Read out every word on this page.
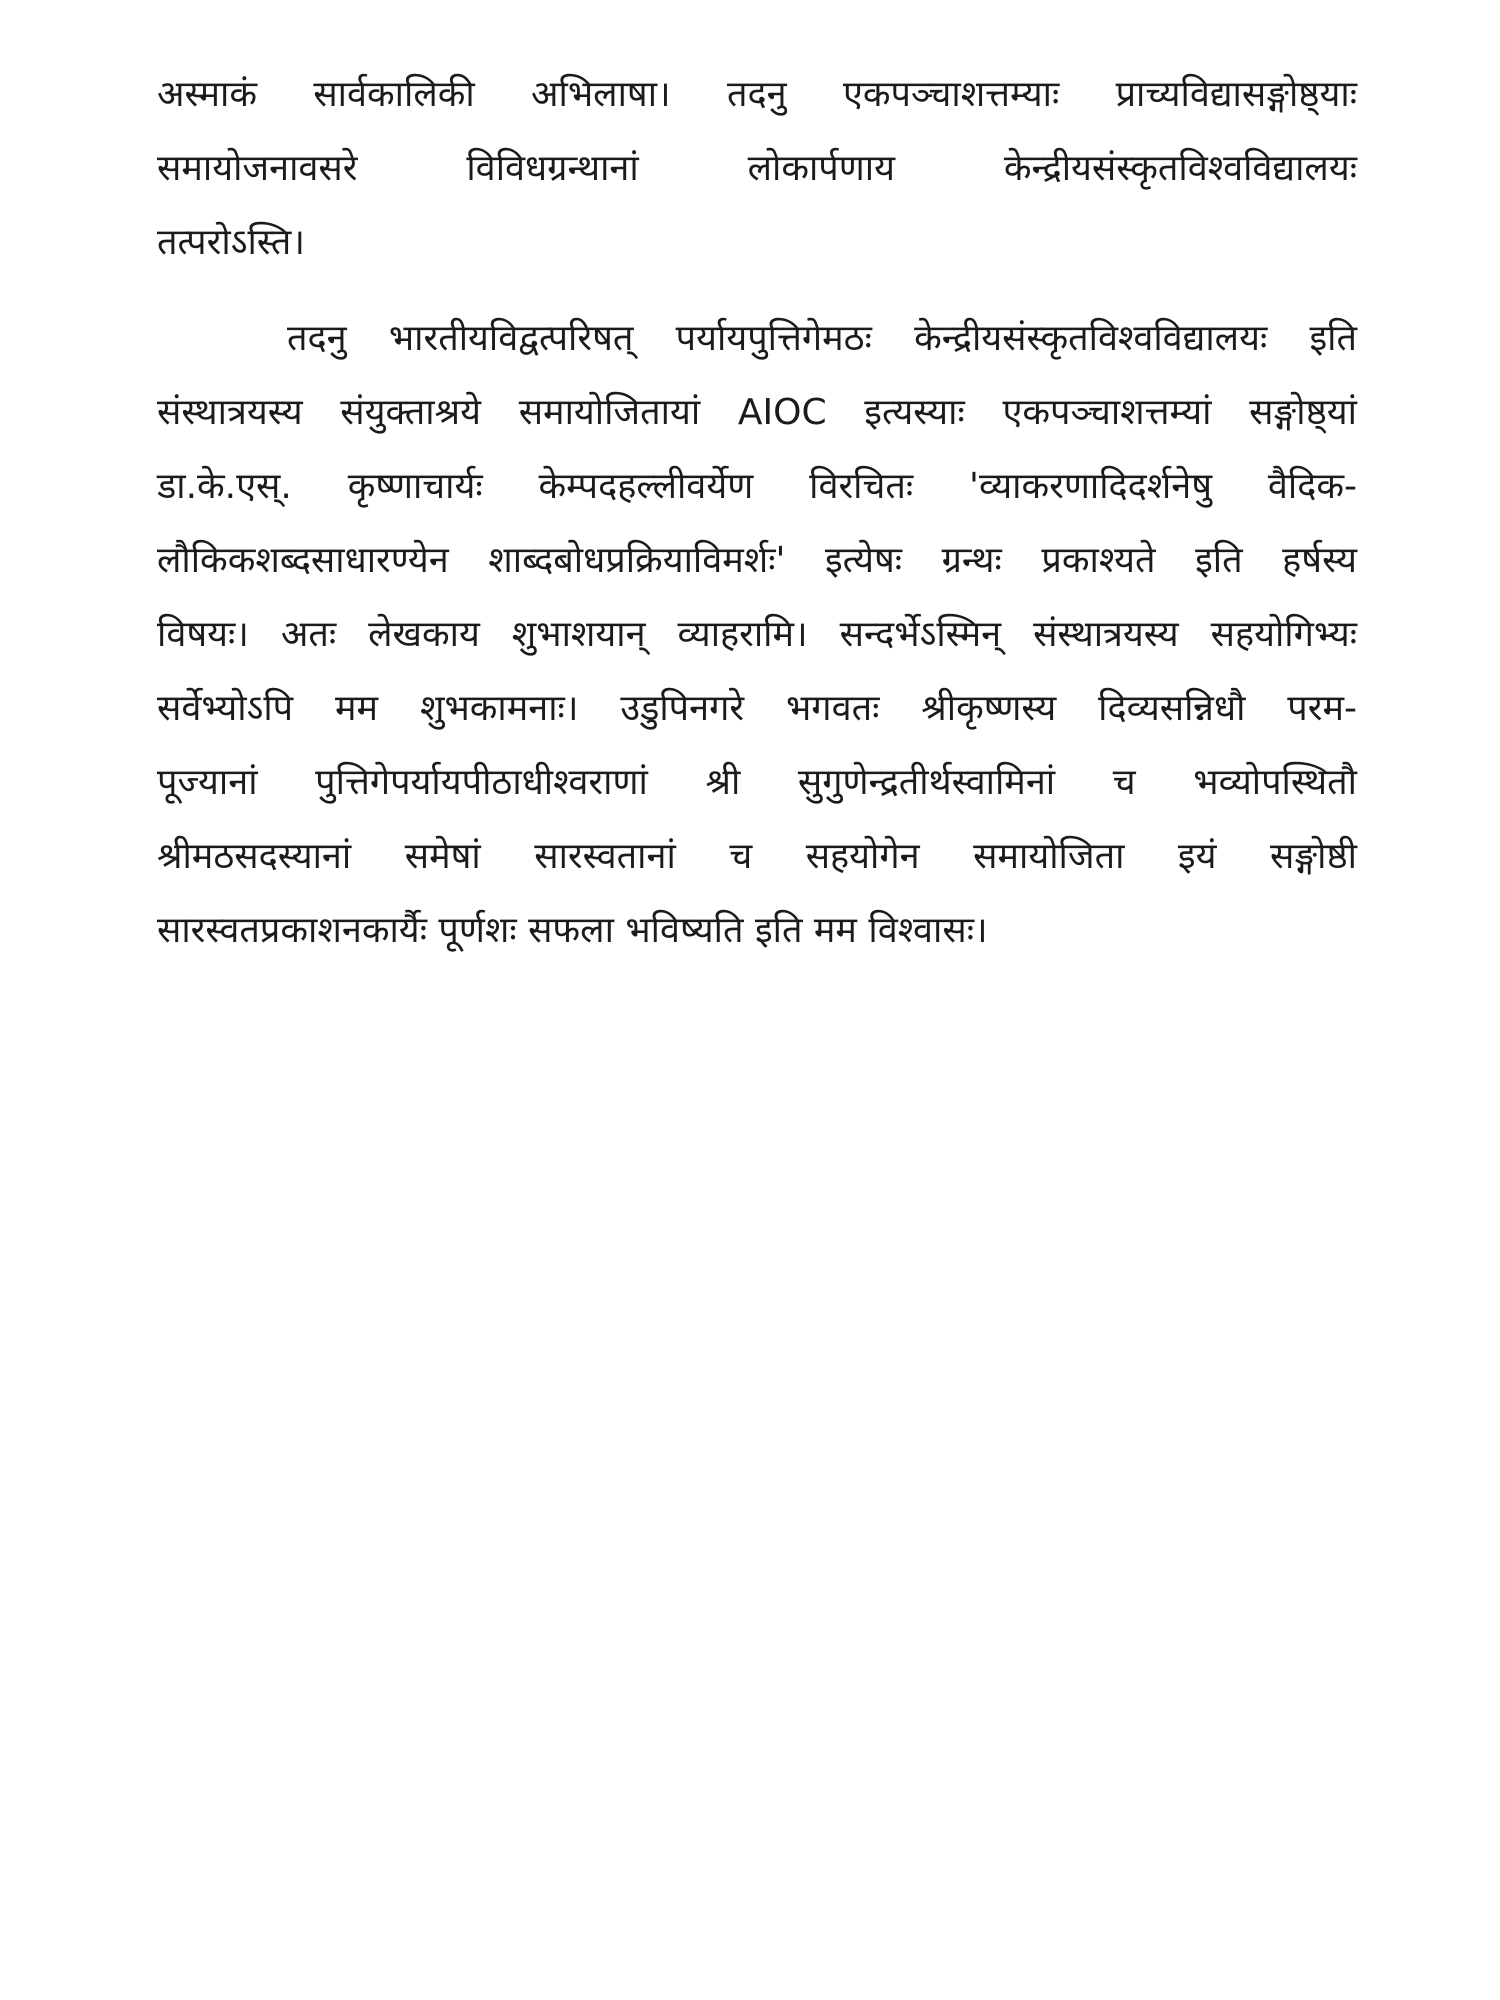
अस्माकं सार्वकालिकी अभिलाषा। तदनु एकपञ्चाशत्तम्याः प्राच्यविद्यासङ्गोष्ठ्याः
समायोजनावसरे विविधग्रन्थानां लोकार्पणाय केन्द्रीयसंस्कृतविश्वविद्यालयः
तत्परोऽस्ति।
तदनु भारतीयविद्वत्परिषत् पर्यायपुत्तिगेमठः केन्द्रीयसंस्कृतविश्वविद्यालयः इति
संस्थात्रयस्य संयुक्ताश्रये समायोजितायां AIOC इत्यस्याः एकपञ्चाशत्तम्यां सङ्गोष्ठ्यां
डा.के.एस्. कृष्णाचार्यः केम्पदहल्लीवर्येण विरचितः 'व्याकरणादिदर्शनेषु वैदिक-
लौकिकशब्दसाधारण्येन शाब्दबोधप्रक्रियाविमर्शः' इत्येषः ग्रन्थः प्रकाश्यते इति हर्षस्य
विषयः। अतः लेखकाय शुभाशयान् व्याहरामि। सन्दर्भेऽस्मिन् संस्थात्रयस्य सहयोगिभ्यः
सर्वेभ्योऽपि मम शुभकामनाः। उडुपिनगरे भगवतः श्रीकृष्णस्य दिव्यसन्निधौ परम-
पूज्यानां पुत्तिगेपर्यायपीठाधीश्वराणां श्री सुगुणेन्द्रतीर्थस्वामिनां च भव्योपस्थितौ
श्रीमठसदस्यानां समेषां सारस्वतानां च सहयोगेन समायोजिता इयं सङ्गोष्ठी
सारस्वतप्रकाशनकार्यैः पूर्णशः सफला भविष्यति इति मम विश्वासः।
